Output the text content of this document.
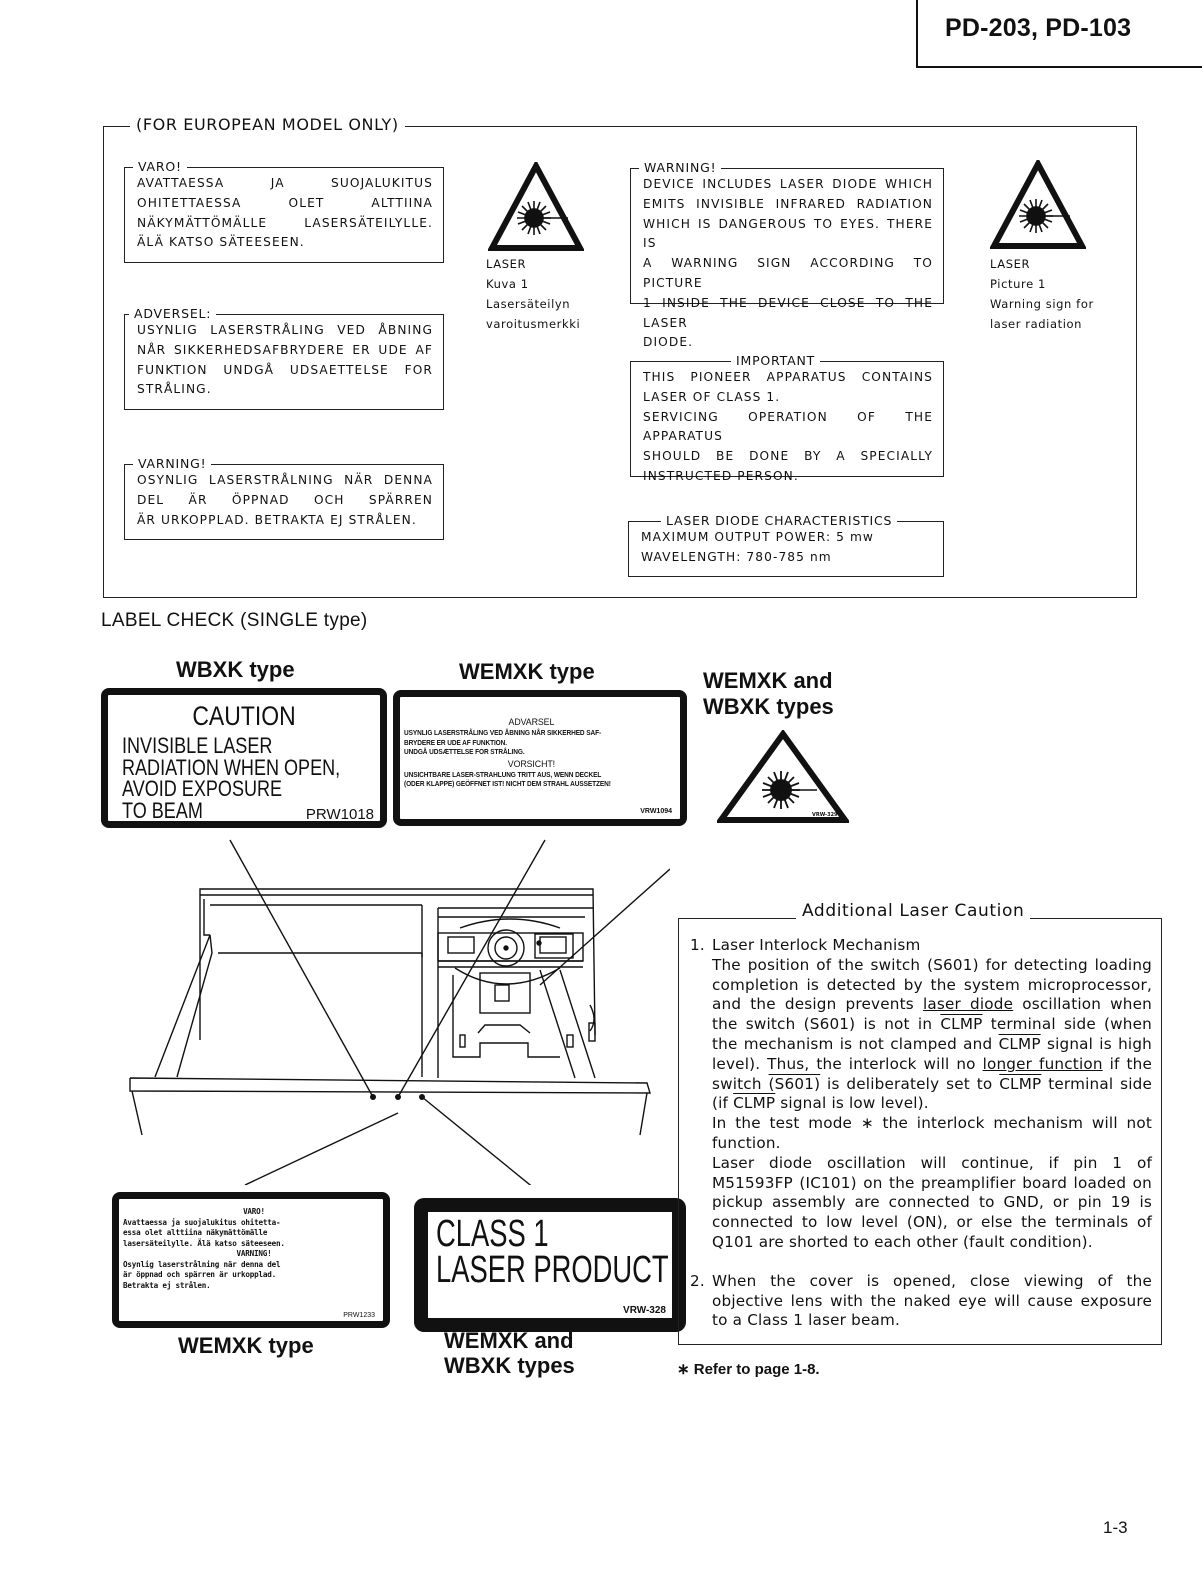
PD-203, PD-103
(FOR EUROPEAN MODEL ONLY)
VARO!
AVATTAESSA JA SUOJALUKITUS
OHITETTAESSA OLET ALTTIINA
NÄKYMÄTTÖMÄLLE LASERSÄTEILYLLE.
ÄLÄ KATSO SÄTEESEEN.
ADVERSEL:
USYNLIG LASERSTRÅLING VED ÅBNING
NÅR SIKKERHEDSAFBRYDERE ER UDE AF
FUNKTION UNDGÅ UDSAETTELSE FOR
STRÅLING.
VARNING!
OSYNLIG LASERSTRÅLNING NÄR DENNA
DEL ÄR ÖPPNAD OCH SPÄRREN
ÄR URKOPPLAD. BETRAKTA EJ STRÅLEN.
LASER
Kuva 1
Lasersäteilyn
varoitusmerkki
WARNING!
DEVICE INCLUDES LASER DIODE WHICH
EMITS INVISIBLE INFRARED RADIATION
WHICH IS DANGEROUS TO EYES. THERE IS
A WARNING SIGN ACCORDING TO PICTURE
1 INSIDE THE DEVICE CLOSE TO THE LASER
DIODE.
LASER
Picture 1
Warning sign for
laser radiation
IMPORTANT
THIS PIONEER APPARATUS CONTAINS
LASER OF CLASS 1.
SERVICING OPERATION OF THE APPARATUS
SHOULD BE DONE BY A SPECIALLY
INSTRUCTED PERSON.
LASER DIODE CHARACTERISTICS
MAXIMUM OUTPUT POWER: 5 mw
WAVELENGTH: 780-785 nm
LABEL CHECK (SINGLE type)
WBXK type
CAUTION
INVISIBLE LASER
RADIATION WHEN OPEN,
AVOID EXPOSURE
TO BEAM	PRW1018
WEMXK type
ADVARSEL
USYNLIG LASERSTRÅLING VED ÅBNING NÅR SIKKERHED SAF-
BRYDERE ER UDE AF FUNKTION.
UNDGÅ UDSÆTTELSE FOR STRÅLING.
VORSICHT!
UNSICHTBARE LASER-STRAHLUNG TRITT AUS, WENN DECKEL
(ODER KLAPPE) GEÖFFNET IST! NICHT DEM STRAHL AUSSETZEN!
VRW1094
WEMXK and
WBXK types
VRW-329
VARO!
Avattaessa ja suojalukitus ohitetta-
essa olet alttiina näkymättömälle
lasersäteilylle. Älä katso säteeseen.
VARNING!
Osynlig laserstrålning när denna del
är öppnad och spärren är urkopplad.
Betrakta ej strålen.
PRW1233
WEMXK type
CLASS 1
LASER PRODUCT
VRW-328
WEMXK and
WBXK types
Additional Laser Caution
1. Laser Interlock Mechanism

The position of the switch (S601) for detecting loading completion is detected by the system microprocessor, and the design prevents laser diode oscillation when the switch (S601) is not in CLMP terminal side (when the mechanism is not clamped and CLMP signal is high level). Thus, the interlock will no longer function if the switch (S601) is deliberately set to CLMP terminal side (if CLMP signal is low level).

In the test mode ∗ the interlock mechanism will not function.

Laser diode oscillation will continue, if pin 1 of M51593FP (IC101) on the preamplifier board loaded on pickup assembly are connected to GND, or pin 19 is connected to low level (ON), or else the terminals of Q101 are shorted to each other (fault condition).

2. When the cover is opened, close viewing of the objective lens with the naked eye will cause exposure to a Class 1 laser beam.

∗ Refer to page 1-8.
1-3
